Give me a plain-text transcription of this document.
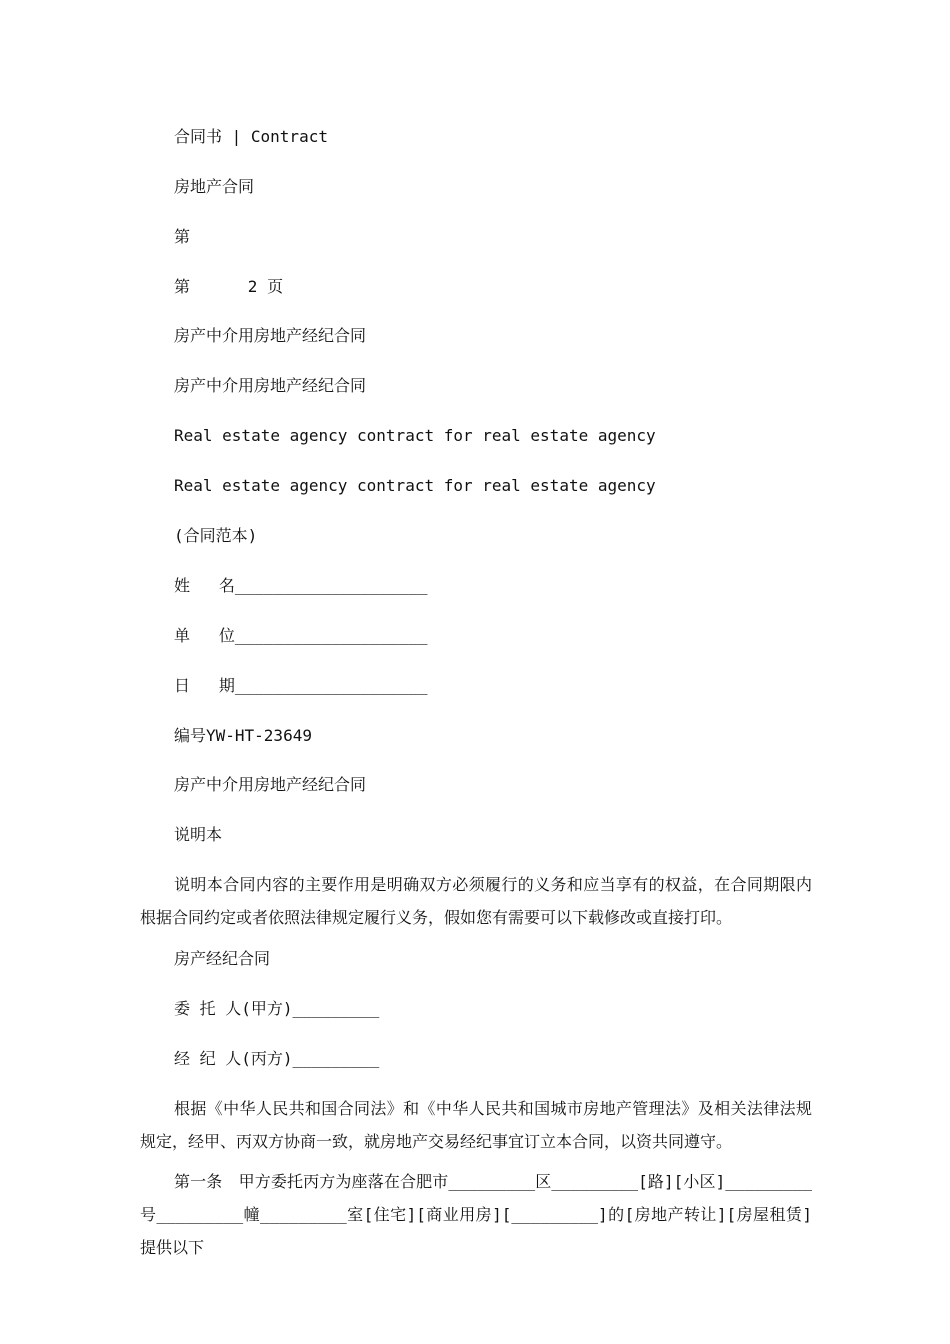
合同书 | Contract
房地产合同
第
第      2 页
房产中介用房地产经纪合同
房产中介用房地产经纪合同
Real estate agency contract for real estate agency
Real estate agency contract for real estate agency
(合同范本)
姓   名____________________
单   位____________________
日   期____________________
编号YW-HT-23649
房产中介用房地产经纪合同
说明本
说明本合同内容的主要作用是明确双方必须履行的义务和应当享有的权益，在合同期限内根据合同约定或者依照法律规定履行义务，假如您有需要可以下载修改或直接打印。
房产经纪合同
委 托 人(甲方)_________
经 纪 人(丙方)_________
根据《中华人民共和国合同法》和《中华人民共和国城市房地产管理法》及相关法律法规规定，经甲、丙双方协商一致，就房地产交易经纪事宜订立本合同，以资共同遵守。
第一条　甲方委托丙方为座落在合肥市_________区_________[路][小区]_________号_________幢_________室[住宅][商业用房][_________]的[房地产转让][房屋租赁]提供以下
